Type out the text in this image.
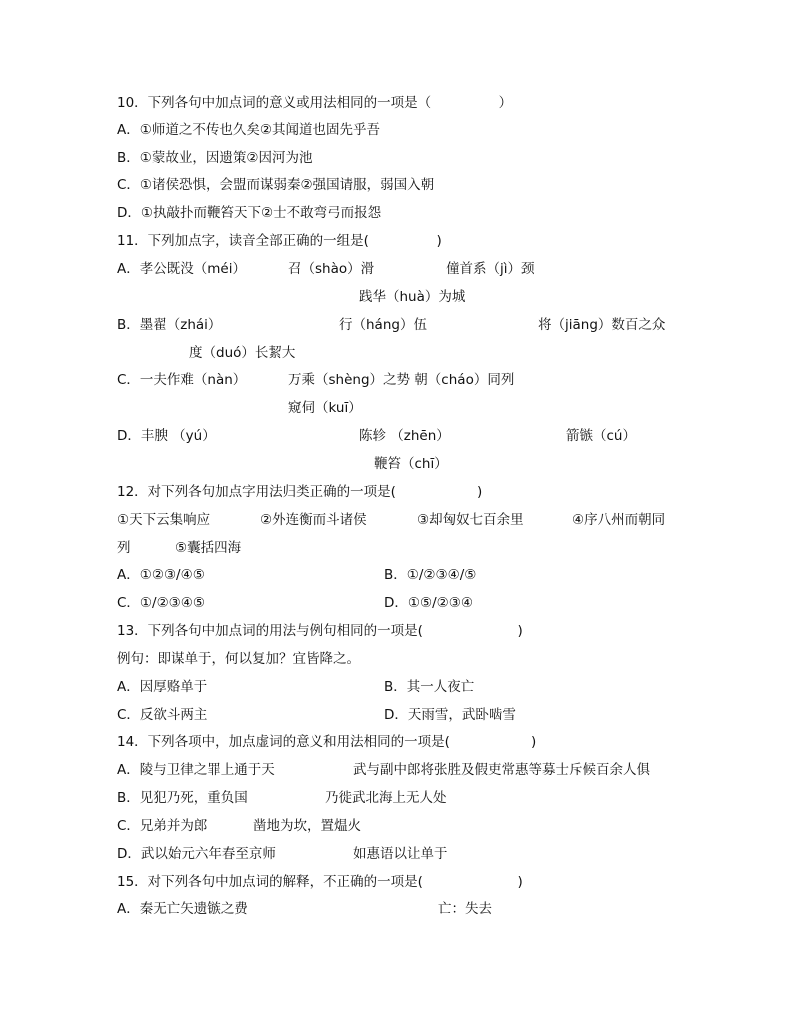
10．下列各句中加点词的意义或用法相同的一项是（　　　　　）
A．①师道之不传也久矣②其闻道也固先乎吾
B．①蒙故业，因遗策②因河为池
C．①诸侯恐惧，会盟而谋弱秦②强国请服，弱国入朝
D．①执敲扑而鞭笞天下②士不敢弯弓而报怨
11．下列加点字，读音全部正确的一组是(　　　　　)
A．孝公既没（méi）	召（shào）滑	僮首系（jì）颈
践华（huà）为城
B．墨翟（zhái）	行（háng）伍	将（jiāng）数百之众
度（duó）长絜大
C．一夫作难（nàn）	万乘（shèng）之势 朝（cháo）同列
窥伺（kuī）
D．丰腴 （yú）	陈轸 （zhēn）	箭镞（cú）
鞭笞（chī）
12．对下列各句加点字用法归类正确的一项是(　　　　　　)
①天下云集响应	②外连衡而斗诸侯	③却匈奴七百余里	④序八州而朝同
列	⑤囊括四海
A．①②③/④⑤	B．①/②③④/⑤
C．①/②③④⑤	D．①⑤/②③④
13．下列各句中加点词的用法与例句相同的一项是(　　　　　　　)
例句：即谋单于，何以复加？宜皆降之。
A．因厚赂单于	B．其一人夜亡
C．反欲斗两主	D．天雨雪，武卧啮雪
14．下列各项中，加点虚词的意义和用法相同的一项是(　　　　　　)
A．陵与卫律之罪上通于天	武与副中郎将张胜及假吏常惠等募士斥候百余人俱
B．见犯乃死，重负国	乃徙武北海上无人处
C．兄弟并为郎	凿地为坎，置煴火
D．武以始元六年春至京师	如惠语以让单于
15．对下列各句中加点词的解释，不正确的一项是(　　　　　　　)
A．秦无亡矢遗镞之费	亡：失去
